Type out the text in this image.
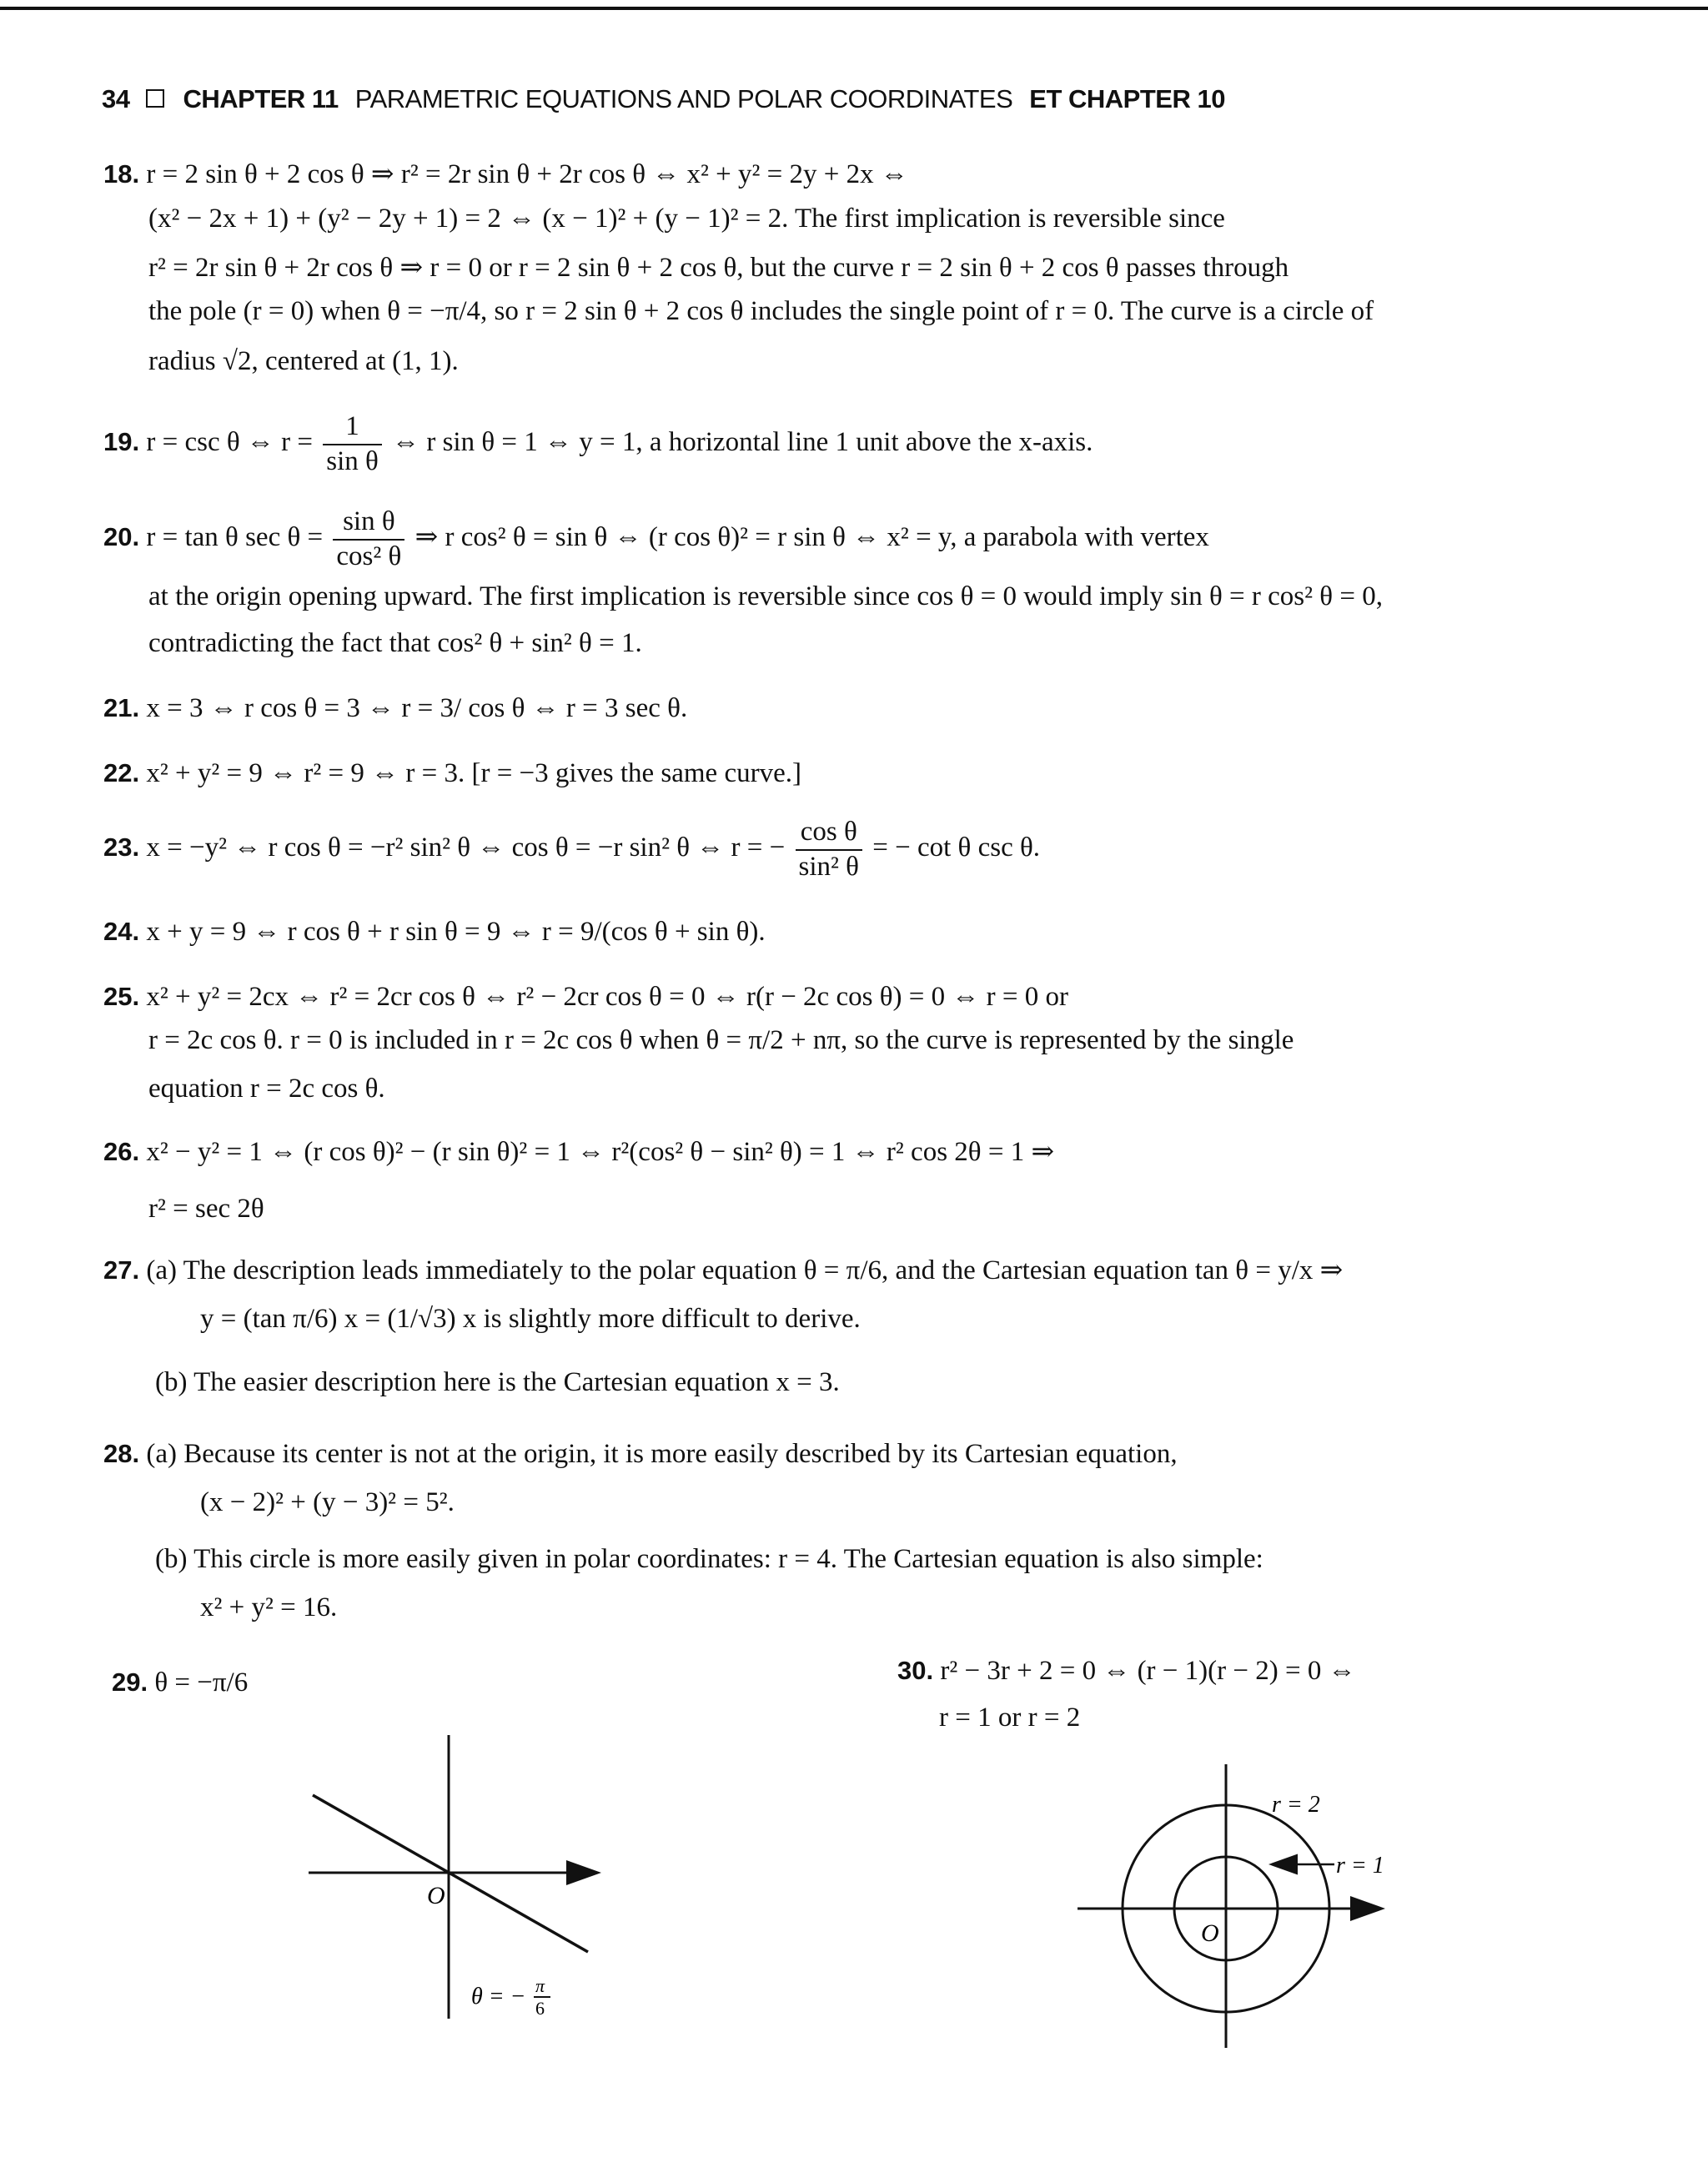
34 CHAPTER 11 PARAMETRIC EQUATIONS AND POLAR COORDINATES ET CHAPTER 10
18. r = 2 sin θ + 2 cos θ ⇒ r² = 2r sin θ + 2r cos θ ⇔ x² + y² = 2y + 2x ⇔
(x² − 2x + 1) + (y² − 2y + 1) = 2 ⇔ (x − 1)² + (y − 1)² = 2. The first implication is reversible since
r² = 2r sin θ + 2r cos θ ⇒ r = 0 or r = 2 sin θ + 2 cos θ, but the curve r = 2 sin θ + 2 cos θ passes through
the pole (r = 0) when θ = −π/4, so r = 2 sin θ + 2 cos θ includes the single point of r = 0. The curve is a circle of
radius √2, centered at (1, 1).
19. r = csc θ ⇔ $r = \frac{1}{\text{sin θ}}$ ⇔ r sin θ = 1 ⇔ y = 1, a horizontal line 1 unit above the x-axis.
20. r = tan θ $\sec \theta = \frac{\text{sin θ}}{\text{cos² θ}}$ ⇒ r cos² θ = sin θ ⇔ (r cos θ)² = r sin θ ⇔ x² = y, a parabola with vertex
at the origin opening upward. The first implication is reversible since cos θ = 0 would imply sin θ = r cos² θ = 0,
contradicting the fact that cos² θ + sin² θ = 1.
21. x = 3 ⇔ r cos θ = 3 ⇔ r = 3/ cos θ ⇔ r = 3 sec θ.
22. x² + y² = 9 ⇔ r² = 9 ⇔ r = 3. [r = −3 gives the same curve.]
23. x = −y² ⇔ r cos θ = −r² sin² θ ⇔ cos θ = −r sin² θ ⇔ r = − $\frac{\text{cos θ}}{\text{sin² θ}}$ = − cot θ csc θ.
24. x + y = 9 ⇔ r cos θ + r sin θ = 9 ⇔ r = 9/(cos θ + sin θ).
25. x² + y² = 2cx ⇔ r² = 2cr cos θ ⇔ r² − 2cr cos θ = 0 ⇔ r(r − 2c cos θ) = 0 ⇔ r = 0 or
r = 2c cos θ. r = 0 is included in r = 2c cos θ when θ = π/2 + nπ, so the curve is represented by the single
equation r = 2c cos θ.
26. x² − y² = 1 ⇔ (r cos θ)² − (r sin θ)² = 1 ⇔ r²(cos² θ − sin² θ) = 1 ⇔ r² cos 2θ = 1 ⇒
r² = sec 2θ
27. (a) The description leads immediately to the polar equation θ = π/6, and the Cartesian equation tan θ = y/x ⇒
y = (tan π/6) x = (1/√3) x is slightly more difficult to derive.
(b) The easier description here is the Cartesian equation x = 3.
28. (a) Because its center is not at the origin, it is more easily described by its Cartesian equation,
(x − 2)² + (y − 3)² = 5².
(b) This circle is more easily given in polar coordinates: r = 4. The Cartesian equation is also simple:
x² + y² = 16.
29. θ = −π/6	30. r² − 3r + 2 = 0 ⇔ (r − 1)(r − 2) = 0 ⇔
r = 1 or r = 2
O
θ = − π
6
r = 2
r = 1
O
